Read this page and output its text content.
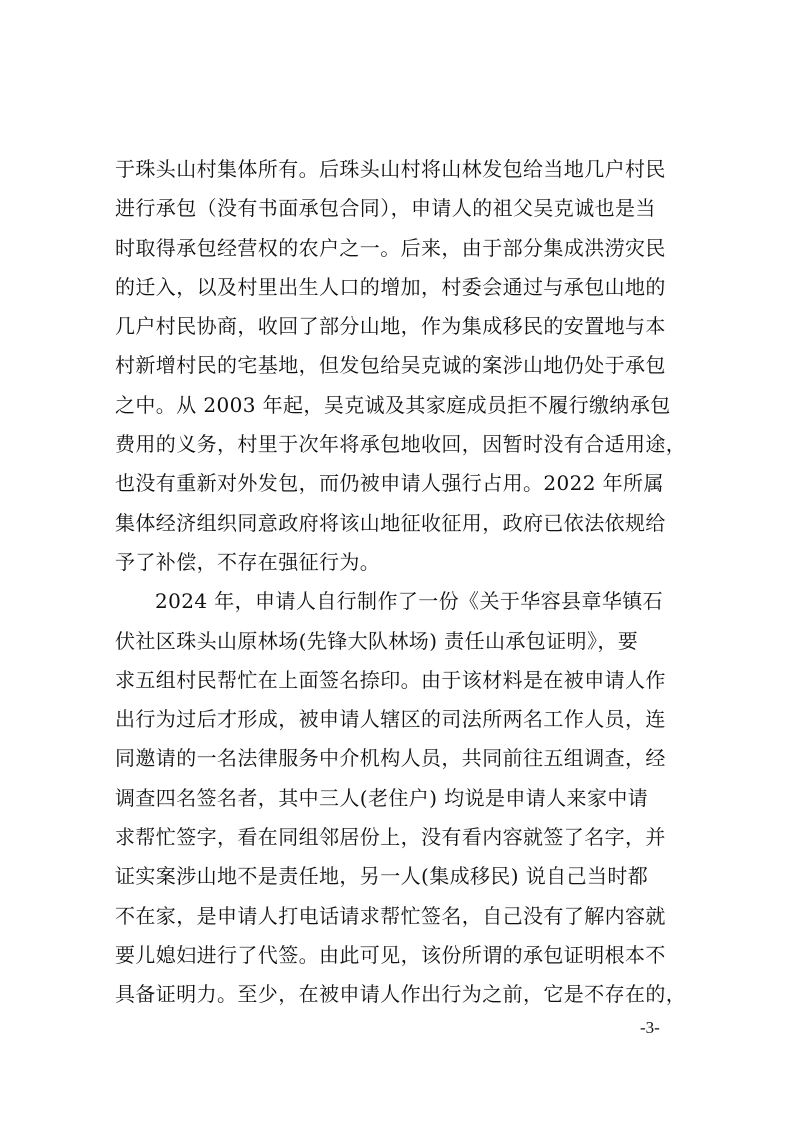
于珠头山村集体所有。后珠头山村将山林发包给当地几户村民
进行承包（没有书面承包合同），申请人的祖父吴克诚也是当
时取得承包经营权的农户之一。后来，由于部分集成洪涝灾民
的迁入，以及村里出生人口的增加，村委会通过与承包山地的
几户村民协商，收回了部分山地，作为集成移民的安置地与本
村新增村民的宅基地，但发包给吴克诚的案涉山地仍处于承包
之中。从 2003 年起，吴克诚及其家庭成员拒不履行缴纳承包
费用的义务，村里于次年将承包地收回，因暂时没有合适用途，
也没有重新对外发包，而仍被申请人强行占用。2022 年所属
集体经济组织同意政府将该山地征收征用，政府已依法依规给
予了补偿，不存在强征行为。
2024 年，申请人自行制作了一份《关于华容县章华镇石
伏社区珠头山原林场(先锋大队林场) 责任山承包证明》，要
求五组村民帮忙在上面签名捺印。由于该材料是在被申请人作
出行为过后才形成，被申请人辖区的司法所两名工作人员，连
同邀请的一名法律服务中介机构人员，共同前往五组调查，经
调查四名签名者，其中三人(老住户) 均说是申请人来家中请
求帮忙签字，看在同组邻居份上，没有看内容就签了名字，并
证实案涉山地不是责任地，另一人(集成移民) 说自己当时都
不在家，是申请人打电话请求帮忙签名，自己没有了解内容就
要儿媳妇进行了代签。由此可见，该份所谓的承包证明根本不
具备证明力。至少，在被申请人作出行为之前，它是不存在的，
-3-
